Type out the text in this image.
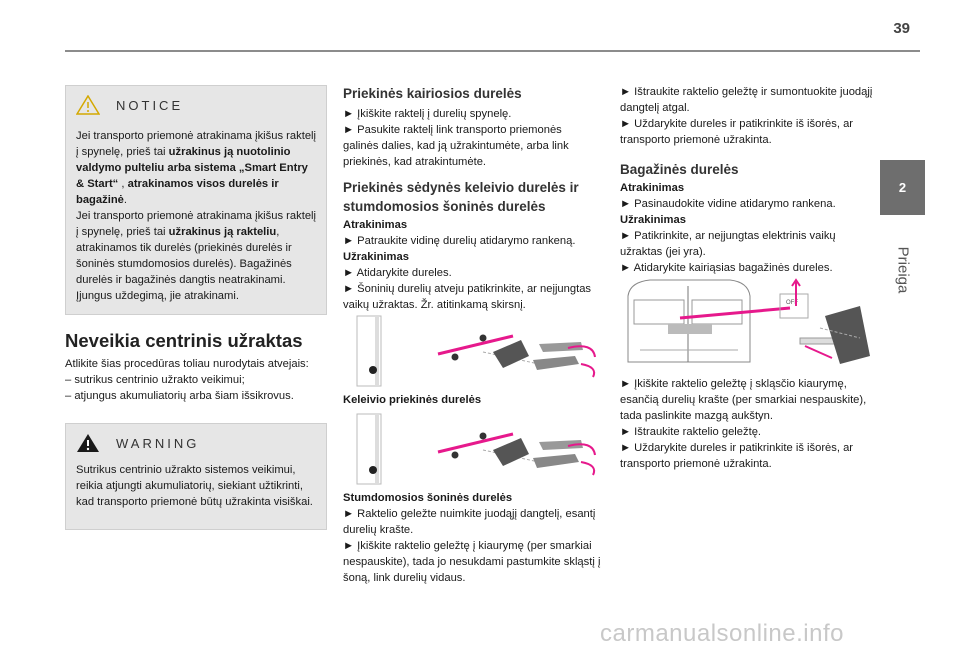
39
2
Prieiga
NOTICE
Jei transporto priemonė atrakinama įkišus raktelį į spynelę, prieš tai užrakinus ją nuotolinio valdymo pulteliu arba sistema „Smart Entry & Start“ , atrakinamos visos durelės ir bagažinė.
Jei transporto priemonė atrakinama įkišus raktelį į spynelę, prieš tai užrakinus ją rakteliu, atrakinamos tik durelės (priekinės durelės ir šoninės stumdomosios durelės). Bagažinės durelės ir bagažinės dangtis neatrakinami. Įjungus uždegimą, jie atrakinami.
Neveikia centrinis užraktas
Atlikite šias procedūras toliau nurodytais atvejais:
– sutrikus centrinio užrakto veikimui;
– atjungus akumuliatorių arba šiam išsikrovus.
WARNING
Sutrikus centrinio užrakto sistemos veikimui, reikia atjungti akumuliatorių, siekiant užtikrinti, kad transporto priemonė būtų užrakinta visiškai.
Priekinės kairiosios durelės
► Įkiškite raktelį į durelių spynelę.
► Pasukite raktelį link transporto priemonės galinės dalies, kad ją užrakintumėte, arba link priekinės, kad atrakintumėte.
Priekinės sėdynės keleivio durelės ir stumdomosios šoninės durelės
Atrakinimas
► Patraukite vidinę durelių atidarymo rankeną.
Užrakinimas
► Atidarykite dureles.
► Šoninių durelių atveju patikrinkite, ar neįjungtas vaikų užraktas. Žr. atitinkamą skirsnį.
Keleivio priekinės durelės
Stumdomosios šoninės durelės
► Raktelio geležte nuimkite juodąjį dangtelį, esantį durelių krašte.
► Įkiškite raktelio geležtę į kiaurymę (per smarkiai nespauskite), tada jo nesukdami pastumkite skląstį į šoną, link durelių vidaus.
► Ištraukite raktelio geležtę ir sumontuokite juodąjį dangtelį atgal.
► Uždarykite dureles ir patikrinkite iš išorės, ar transporto priemonė užrakinta.
Bagažinės durelės
Atrakinimas
► Pasinaudokite vidine atidarymo rankena.
Užrakinimas
► Patikrinkite, ar neįjungtas elektrinis vaikų užraktas (jei yra).
► Atidarykite kairiąsias bagažinės dureles.
OFF
► Įkiškite raktelio geležtę į skląsčio kiaurymę, esančią durelių krašte (per smarkiai nespauskite), tada paslinkite mazgą aukštyn.
► Ištraukite raktelio geležtę.
► Uždarykite dureles ir patikrinkite iš išorės, ar transporto priemonė užrakinta.
carmanualsonline.info
